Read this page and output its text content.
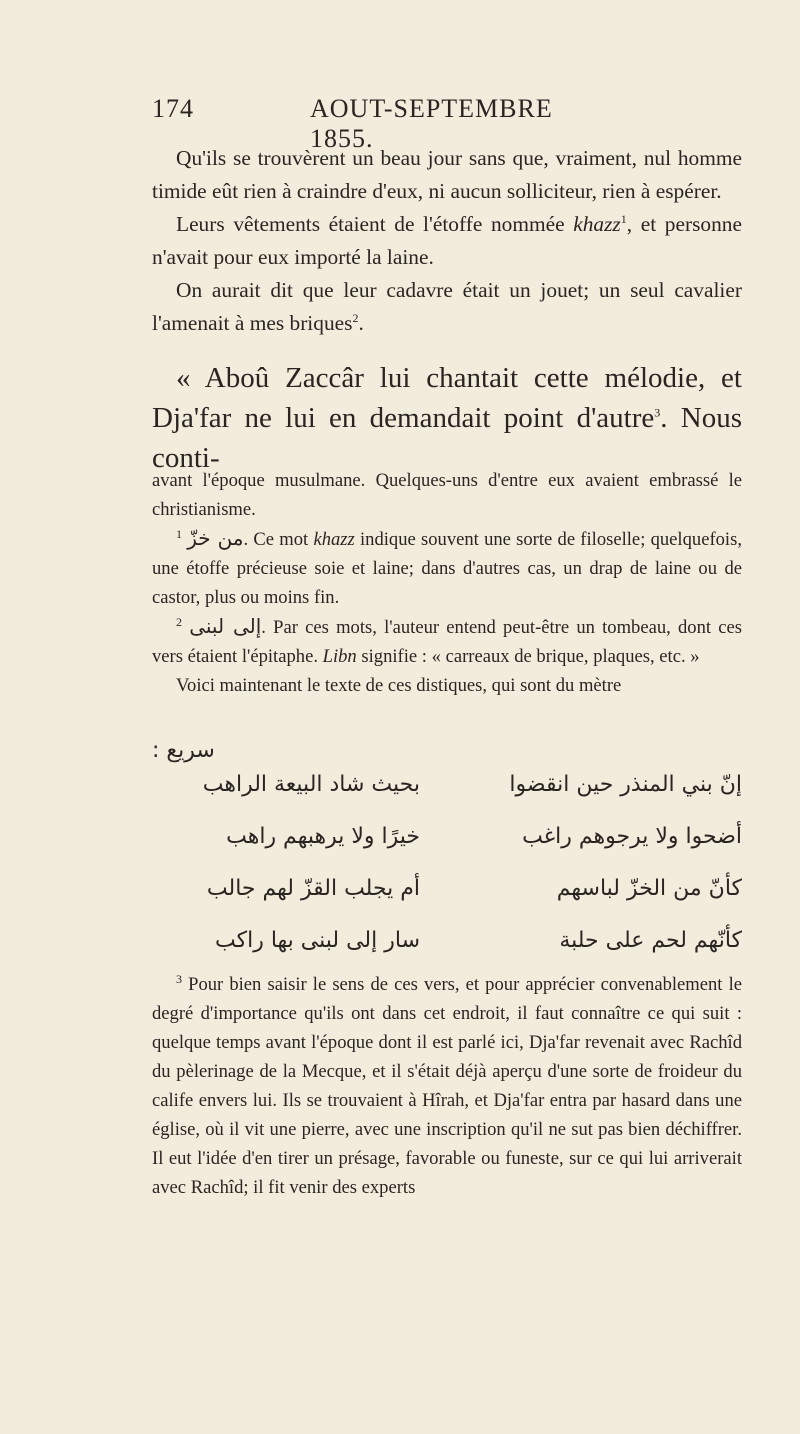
174	AOUT-SEPTEMBRE 1855.

Qu'ils se trouvèrent un beau jour sans que, vraiment, nul homme timide eût rien à craindre d'eux, ni aucun solliciteur, rien à espérer.

Leurs vêtements étaient de l'étoffe nommée khazz$^1$, et personne n'avait pour eux importé la laine.

On aurait dit que leur cadavre était un jouet; un seul cavalier l'amenait à mes briques$^2$.

« Aboû Zaccâr lui chantait cette mélodie, et Dja'far ne lui en demandait point d'autre$^3$. Nous conti-

avant l'époque musulmane. Quelques-uns d'entre eux avaient embrassé le christianisme.

$^1$ من خزّ. Ce mot khazz indique souvent une sorte de filoselle; quelquefois, une étoffe précieuse soie et laine; dans d'autres cas, un drap de laine ou de castor, plus ou moins fin.

$^2$ إلى لبنى. Par ces mots, l'auteur entend peut-être un tombeau, dont ces vers étaient l'épitaphe. Libn signifie : « carreaux de brique, plaques, etc. »

Voici maintenant le texte de ces distiques, qui sont du mètre

سريع :
إنّ بني المنذر حين انقضوا
بحيث شاد البيعة الراهب
أضحوا ولا يرجوهم راغب
خيرًا ولا يرهبهم راهب
كأنّ من الخزّ لباسهم
أم يجلب القزّ لهم جالب
كأنّهم لحم على حلبة
سار إلى لبنى بها راكب

$^3$ Pour bien saisir le sens de ces vers, et pour apprécier convenablement le degré d'importance qu'ils ont dans cet endroit, il faut connaître ce qui suit : quelque temps avant l'époque dont il est parlé ici, Dja'far revenait avec Rachîd du pèlerinage de la Mecque, et il s'était déjà aperçu d'une sorte de froideur du calife envers lui. Ils se trouvaient à Hîrah, et Dja'far entra par hasard dans une église, où il vit une pierre, avec une inscription qu'il ne sut pas bien déchiffrer. Il eut l'idée d'en tirer un présage, favorable ou funeste, sur ce qui lui arriverait avec Rachîd; il fit venir des experts
